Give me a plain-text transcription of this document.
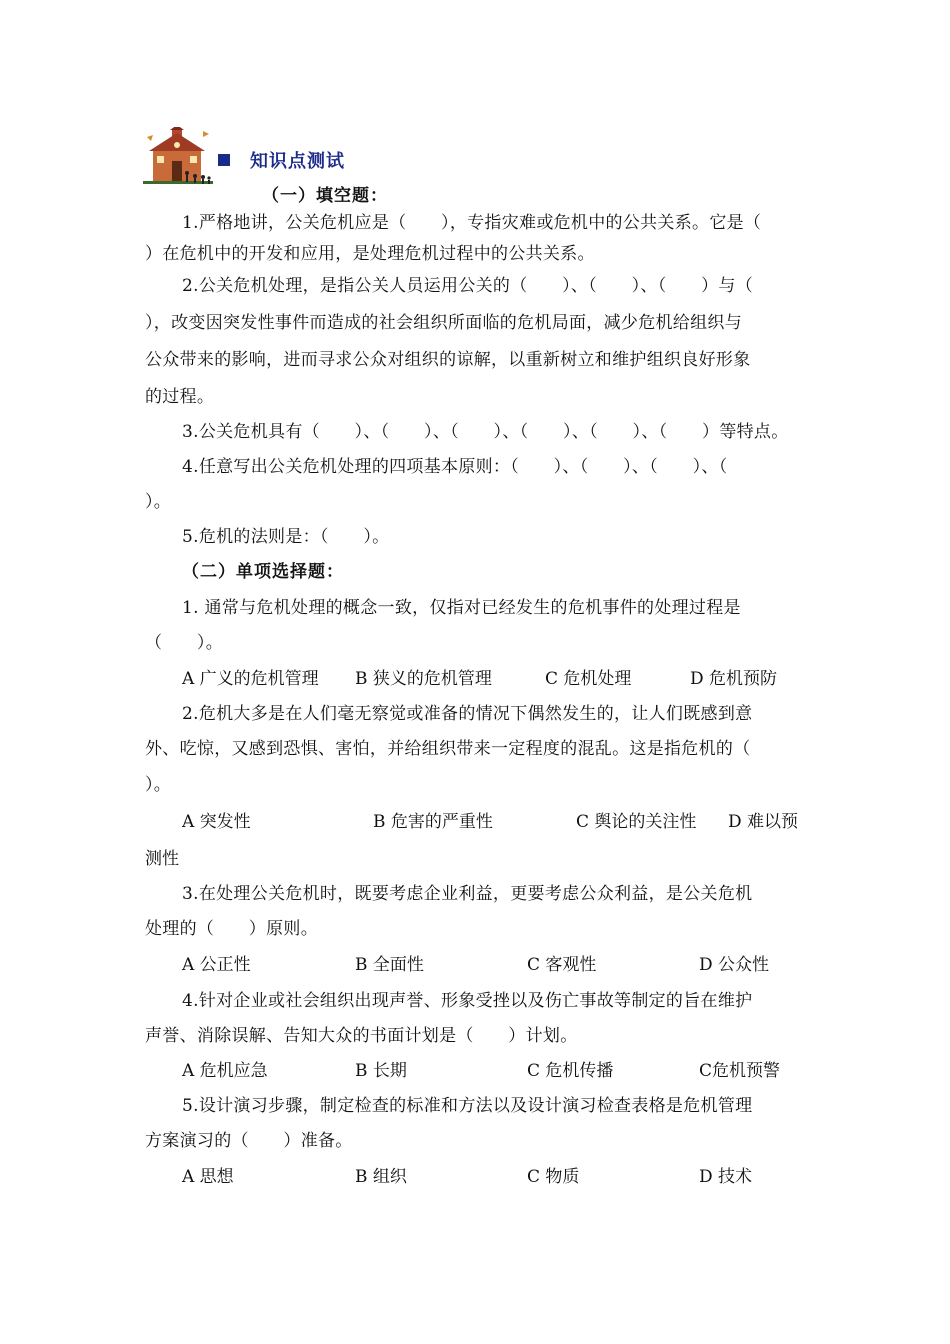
知识点测试
（一）填空题：
1.严格地讲，公关危机应是（　　），专指灾难或危机中的公共关系。它是（
）在危机中的开发和应用，是处理危机过程中的公共关系。
2.公关危机处理，是指公关人员运用公关的（　　）、（　　）、（　　）与（
），改变因突发性事件而造成的社会组织所面临的危机局面，减少危机给组织与
公众带来的影响，进而寻求公众对组织的谅解，以重新树立和维护组织良好形象
的过程。
3.公关危机具有（　　）、（　　）、（　　）、（　　）、（　　）、（　　）等特点。
4.任意写出公关危机处理的四项基本原则：（　　）、（　　）、（　　）、（
）。
5.危机的法则是：（　　）。
（二）单项选择题：
1. 通常与危机处理的概念一致，仅指对已经发生的危机事件的处理过程是
（　　）。
A 广义的危机管理 B 狭义的危机管理	C 危机处理	D 危机预防
2.危机大多是在人们毫无察觉或准备的情况下偶然发生的，让人们既感到意
外、吃惊，又感到恐惧、害怕，并给组织带来一定程度的混乱。这是指危机的（
）。
A 突发性	B 危害的严重性	C 舆论的关注性 D 难以预
测性
3.在处理公关危机时，既要考虑企业利益，更要考虑公众利益，是公关危机
处理的（　　）原则。
A 公正性	B 全面性	C 客观性	D 公众性
4.针对企业或社会组织出现声誉、形象受挫以及伤亡事故等制定的旨在维护
声誉、消除误解、告知大众的书面计划是（　　）计划。
A 危机应急	B 长期	C 危机传播	C危机预警
5.设计演习步骤，制定检查的标准和方法以及设计演习检查表格是危机管理
方案演习的（　　）准备。
A 思想	B 组织	C 物质	D 技术
